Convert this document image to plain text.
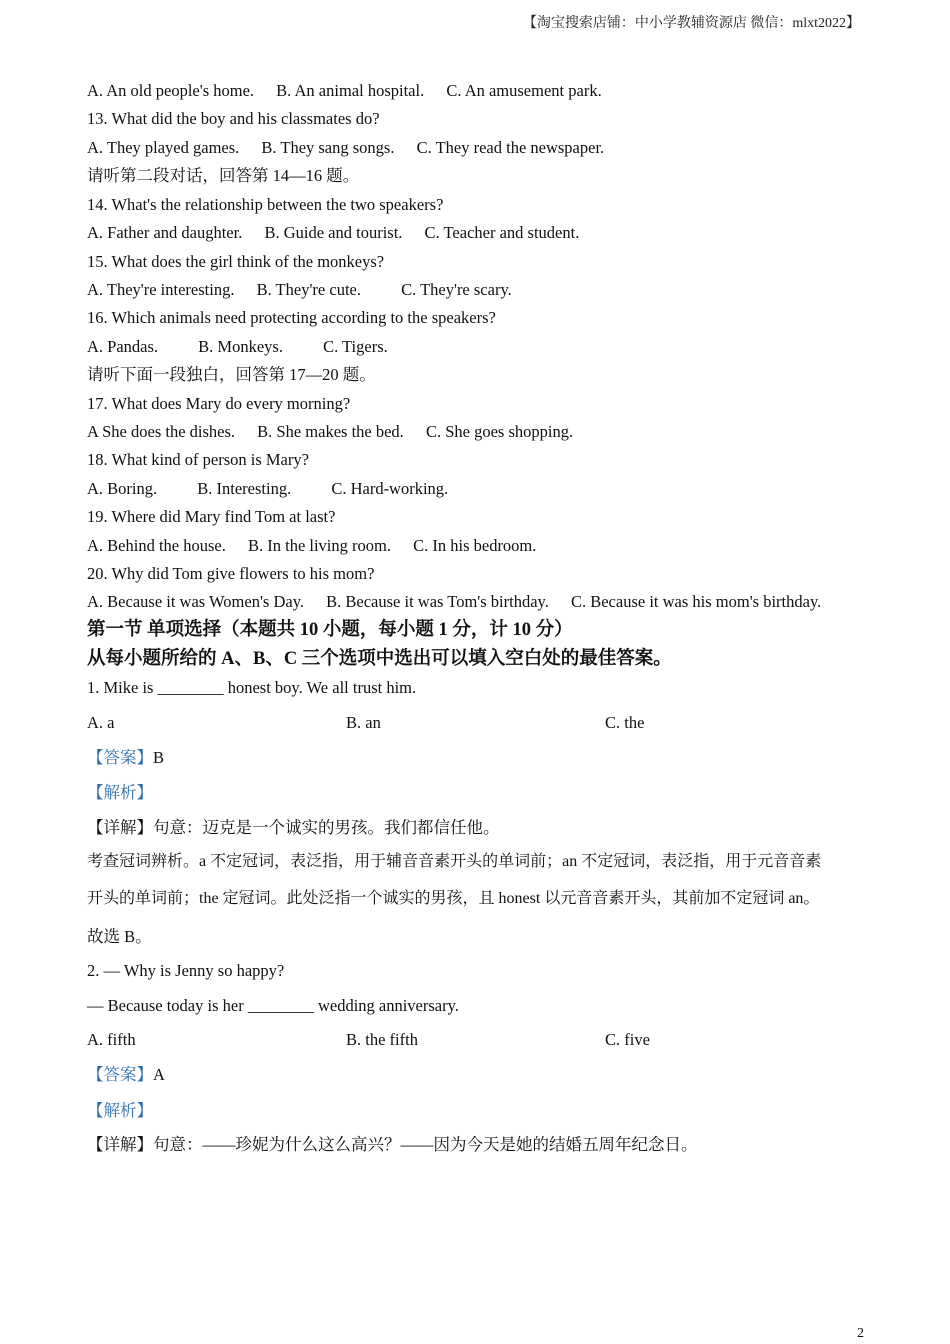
【淘宝搜索店铺：中小学教辅资源店 微信：mlxt2022】
A. An old people's home. B. An animal hospital. C. An amusement park.
13. What did the boy and his classmates do?
A. They played games. B. They sang songs. C. They read the newspaper.
请听第二段对话，回答第 14—16 题。
14. What's the relationship between the two speakers?
A. Father and daughter. B. Guide and tourist. C. Teacher and student.
15. What does the girl think of the monkeys?
A. They're interesting. B. They're cute. C. They're scary.
16. Which animals need protecting according to the speakers?
A. Pandas. B. Monkeys. C. Tigers.
请听下面一段独白，回答第 17—20 题。
17. What does Mary do every morning?
A She does the dishes. B. She makes the bed. C. She goes shopping.
18. What kind of person is Mary?
A. Boring. B. Interesting. C. Hard-working.
19. Where did Mary find Tom at last?
A. Behind the house. B. In the living room. C. In his bedroom.
20. Why did Tom give flowers to his mom?
A. Because it was Women's Day. B. Because it was Tom's birthday. C. Because it was his mom's birthday.
第一节 单项选择（本题共 10 小题，每小题 1 分，计 10 分）
从每小题所给的 A、B、C 三个选项中选出可以填入空白处的最佳答案。
1. Mike is ________ honest boy. We all trust him.
A. a	B. an	C. the
【答案】B
【解析】
【详解】句意：迈克是一个诚实的男孩。我们都信任他。
考查冠词辨析。a 不定冠词，表泛指，用于辅音音素开头的单词前；an 不定冠词，表泛指，用于元音音素
开头的单词前；the 定冠词。此处泛指一个诚实的男孩，且 honest 以元音音素开头，其前加不定冠词 an。
故选 B。
2. — Why is Jenny so happy?
— Because today is her ________ wedding anniversary.
A. fifth	B. the fifth	C. five
【答案】A
【解析】
【详解】句意：——珍妮为什么这么高兴？——因为今天是她的结婚五周年纪念日。
2
